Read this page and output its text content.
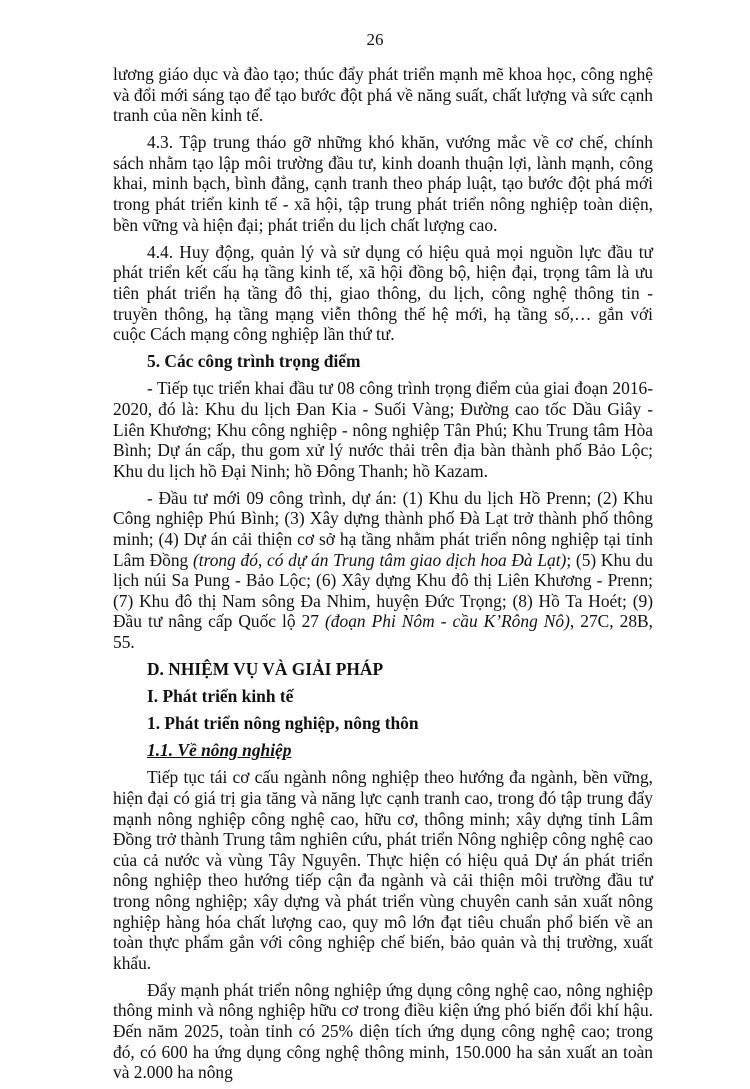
26

lương giáo dục và đào tạo; thúc đẩy phát triển mạnh mẽ khoa học, công nghệ và đổi mới sáng tạo để tạo bước đột phá về năng suất, chất lượng và sức cạnh tranh của nền kinh tế.

4.3. Tập trung tháo gỡ những khó khăn, vướng mắc về cơ chế, chính sách nhằm tạo lập môi trường đầu tư, kinh doanh thuận lợi, lành mạnh, công khai, minh bạch, bình đẳng, cạnh tranh theo pháp luật, tạo bước đột phá mới trong phát triển kinh tế - xã hội, tập trung phát triển nông nghiệp toàn diện, bền vững và hiện đại; phát triển du lịch chất lượng cao.

4.4. Huy động, quản lý và sử dụng có hiệu quả mọi nguồn lực đầu tư phát triển kết cấu hạ tầng kinh tế, xã hội đồng bộ, hiện đại, trọng tâm là ưu tiên phát triển hạ tầng đô thị, giao thông, du lịch, công nghệ thông tin - truyền thông, hạ tầng mạng viễn thông thế hệ mới, hạ tầng số,… gắn với cuộc Cách mạng công nghiệp lần thứ tư.

5. Các công trình trọng điểm

- Tiếp tục triển khai đầu tư 08 công trình trọng điểm của giai đoạn 2016-2020, đó là: Khu du lịch Đan Kia - Suối Vàng; Đường cao tốc Dầu Giây - Liên Khương; Khu công nghiệp - nông nghiệp Tân Phú; Khu Trung tâm Hòa Bình; Dự án cấp, thu gom xử lý nước thải trên địa bàn thành phố Bảo Lộc; Khu du lịch hồ Đại Ninh; hồ Đông Thanh; hồ Kazam.

- Đầu tư mới 09 công trình, dự án: (1) Khu du lịch Hồ Prenn; (2) Khu Công nghiệp Phú Bình; (3) Xây dựng thành phố Đà Lạt trở thành phố thông minh; (4) Dự án cải thiện cơ sở hạ tầng nhằm phát triển nông nghiệp tại tỉnh Lâm Đồng (trong đó, có dự án Trung tâm giao dịch hoa Đà Lạt); (5) Khu du lịch núi Sa Pung - Bảo Lộc; (6) Xây dựng Khu đô thị Liên Khương - Prenn; (7) Khu đô thị Nam sông Đa Nhim, huyện Đức Trọng; (8) Hồ Ta Hoét; (9) Đầu tư nâng cấp Quốc lộ 27 (đoạn Phi Nôm - cầu K’Rông Nô), 27C, 28B, 55.

D. NHIỆM VỤ VÀ GIẢI PHÁP

I. Phát triển kinh tế

1. Phát triển nông nghiệp, nông thôn

1.1. Về nông nghiệp

Tiếp tục tái cơ cấu ngành nông nghiệp theo hướng đa ngành, bền vững, hiện đại có giá trị gia tăng và năng lực cạnh tranh cao, trong đó tập trung đẩy mạnh nông nghiệp công nghệ cao, hữu cơ, thông minh; xây dựng tỉnh Lâm Đồng trở thành Trung tâm nghiên cứu, phát triển Nông nghiệp công nghệ cao của cả nước và vùng Tây Nguyên. Thực hiện có hiệu quả Dự án phát triển nông nghiệp theo hướng tiếp cận đa ngành và cải thiện môi trường đầu tư trong nông nghiệp; xây dựng và phát triển vùng chuyên canh sản xuất nông nghiệp hàng hóa chất lượng cao, quy mô lớn đạt tiêu chuẩn phổ biến về an toàn thực phẩm gắn với công nghiệp chế biến, bảo quản và thị trường, xuất khẩu.

Đẩy mạnh phát triển nông nghiệp ứng dụng công nghệ cao, nông nghiệp thông minh và nông nghiệp hữu cơ trong điều kiện ứng phó biến đổi khí hậu. Đến năm 2025, toàn tỉnh có 25% diện tích ứng dụng công nghệ cao; trong đó, có 600 ha ứng dụng công nghệ thông minh, 150.000 ha sản xuất an toàn và 2.000 ha nông
